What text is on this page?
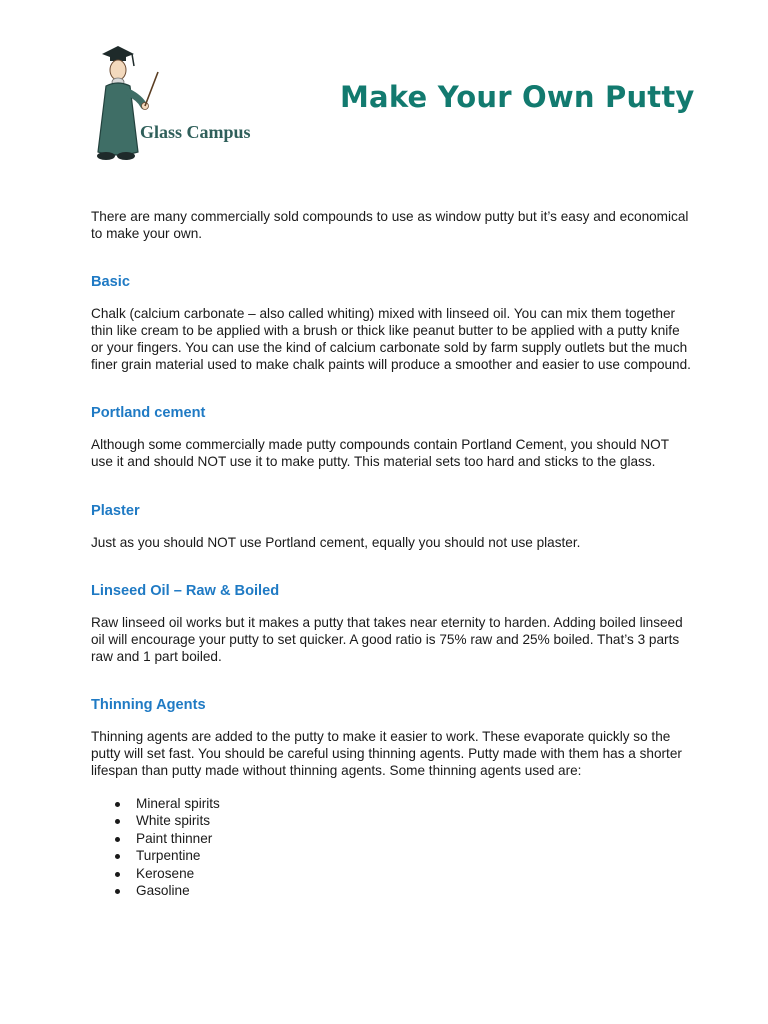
Glass Campus
Make Your Own Putty

There are many commercially sold compounds to use as window putty but it’s easy and economical to make your own.

Basic

Chalk (calcium carbonate – also called whiting) mixed with linseed oil. You can mix them together thin like cream to be applied with a brush or thick like peanut butter to be applied with a putty knife or your fingers. You can use the kind of calcium carbonate sold by farm supply outlets but the much finer grain material used to make chalk paints will produce a smoother and easier to use compound.

Portland cement

Although some commercially made putty compounds contain Portland Cement, you should NOT use it and should NOT use it to make putty. This material sets too hard and sticks to the glass.

Plaster

Just as you should NOT use Portland cement, equally you should not use plaster.

Linseed Oil – Raw & Boiled

Raw linseed oil works but it makes a putty that takes near eternity to harden. Adding boiled linseed oil will encourage your putty to set quicker. A good ratio is 75% raw and 25% boiled. That’s 3 parts raw and 1 part boiled.

Thinning Agents

Thinning agents are added to the putty to make it easier to work. These evaporate quickly so the putty will set fast. You should be careful using thinning agents. Putty made with them has a shorter lifespan than putty made without thinning agents. Some thinning agents used are:

Mineral spirits
White spirits
Paint thinner
Turpentine
Kerosene
Gasoline
